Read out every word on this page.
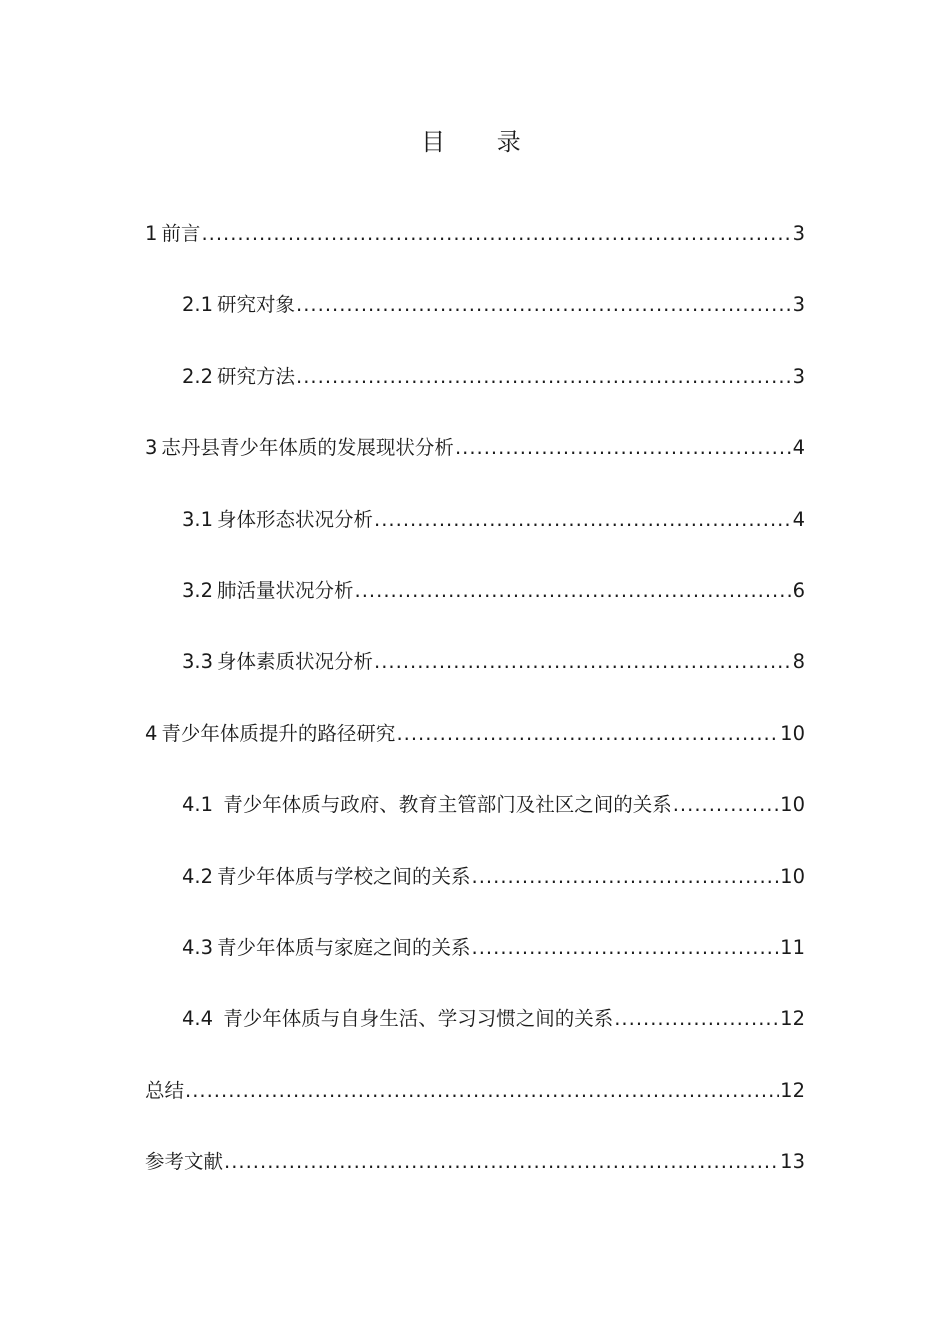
目 录
1 前言 .....	3
2.1 研究对象 .....	3
2.2 研究方法 .....	3
3 志丹县青少年体质的发展现状分析 .....	4
3.1 身体形态状况分析 .....	4
3.2 肺活量状况分析 .....	6
3.3 身体素质状况分析 .....	8
4 青少年体质提升的路径研究 .....	10
4.1 青少年体质与政府、教育主管部门及社区之间的关系 .....	10
4.2 青少年体质与学校之间的关系 .....	10
4.3 青少年体质与家庭之间的关系 .....	11
4.4 青少年体质与自身生活、学习习惯之间的关系 .....	12
总结 .....	12
参考文献 .....	13
